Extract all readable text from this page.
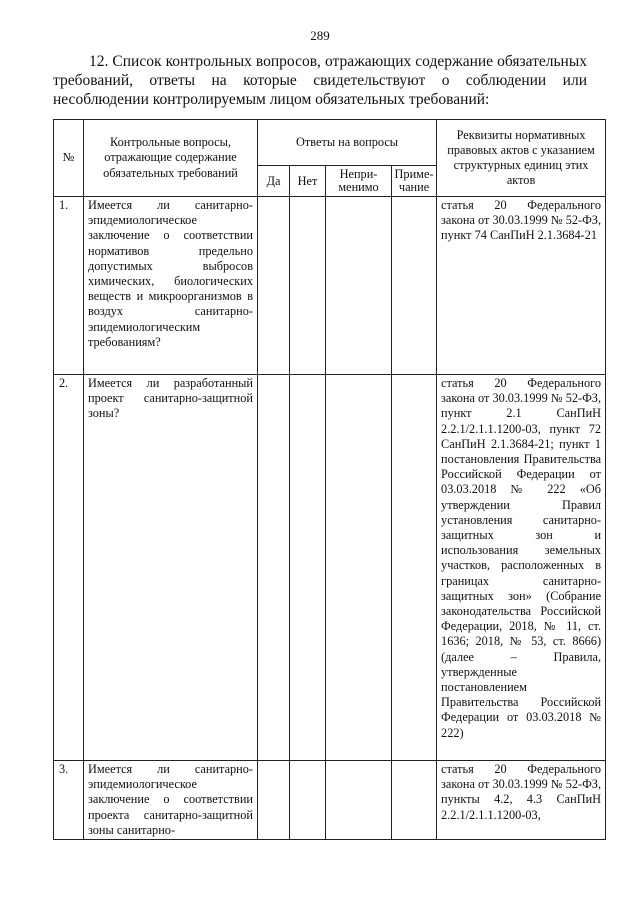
289
12. Список контрольных вопросов, отражающих содержание обязательных требований, ответы на которые свидетельствуют о соблюдении или несоблюдении контролируемым лицом обязательных требований:
№	Контрольные вопросы, отражающие содержание обязательных требований	Ответы на вопросы				Реквизиты нормативных правовых актов с указанием структурных единиц этих актов
		Да	Нет	Непри-менимо	Приме-чание	
1.	Имеется ли санитарно-эпидемиологическое заключение о соответствии нормативов предельно допустимых выбросов химических, биологических веществ и микроорганизмов в воздух санитарно-эпидемиологическим требованиям?					статья 20 Федерального закона от 30.03.1999 № 52-ФЗ, пункт 74 СанПиН 2.1.3684-21
2.	Имеется ли разработанный проект санитарно-защитной зоны?					статья 20 Федерального закона от 30.03.1999 № 52-ФЗ, пункт 2.1 СанПиН 2.2.1/2.1.1.1200-03, пункт 72 СанПиН 2.1.3684-21; пункт 1 постановления Правительства Российской Федерации от 03.03.2018 № 222 «Об утверждении Правил установления санитарно-защитных зон и использования земельных участков, расположенных в границах санитарно-защитных зон» (Собрание законодательства Российской Федерации, 2018, № 11, ст. 1636; 2018, № 53, ст. 8666) (далее – Правила, утвержденные постановлением Правительства Российской Федерации от 03.03.2018 № 222)
3.	Имеется ли санитарно-эпидемиологическое заключение о соответствии проекта санитарно-защитной зоны санитарно-					статья 20 Федерального закона от 30.03.1999 № 52-ФЗ, пункты 4.2, 4.3 СанПиН 2.2.1/2.1.1.1200-03,
